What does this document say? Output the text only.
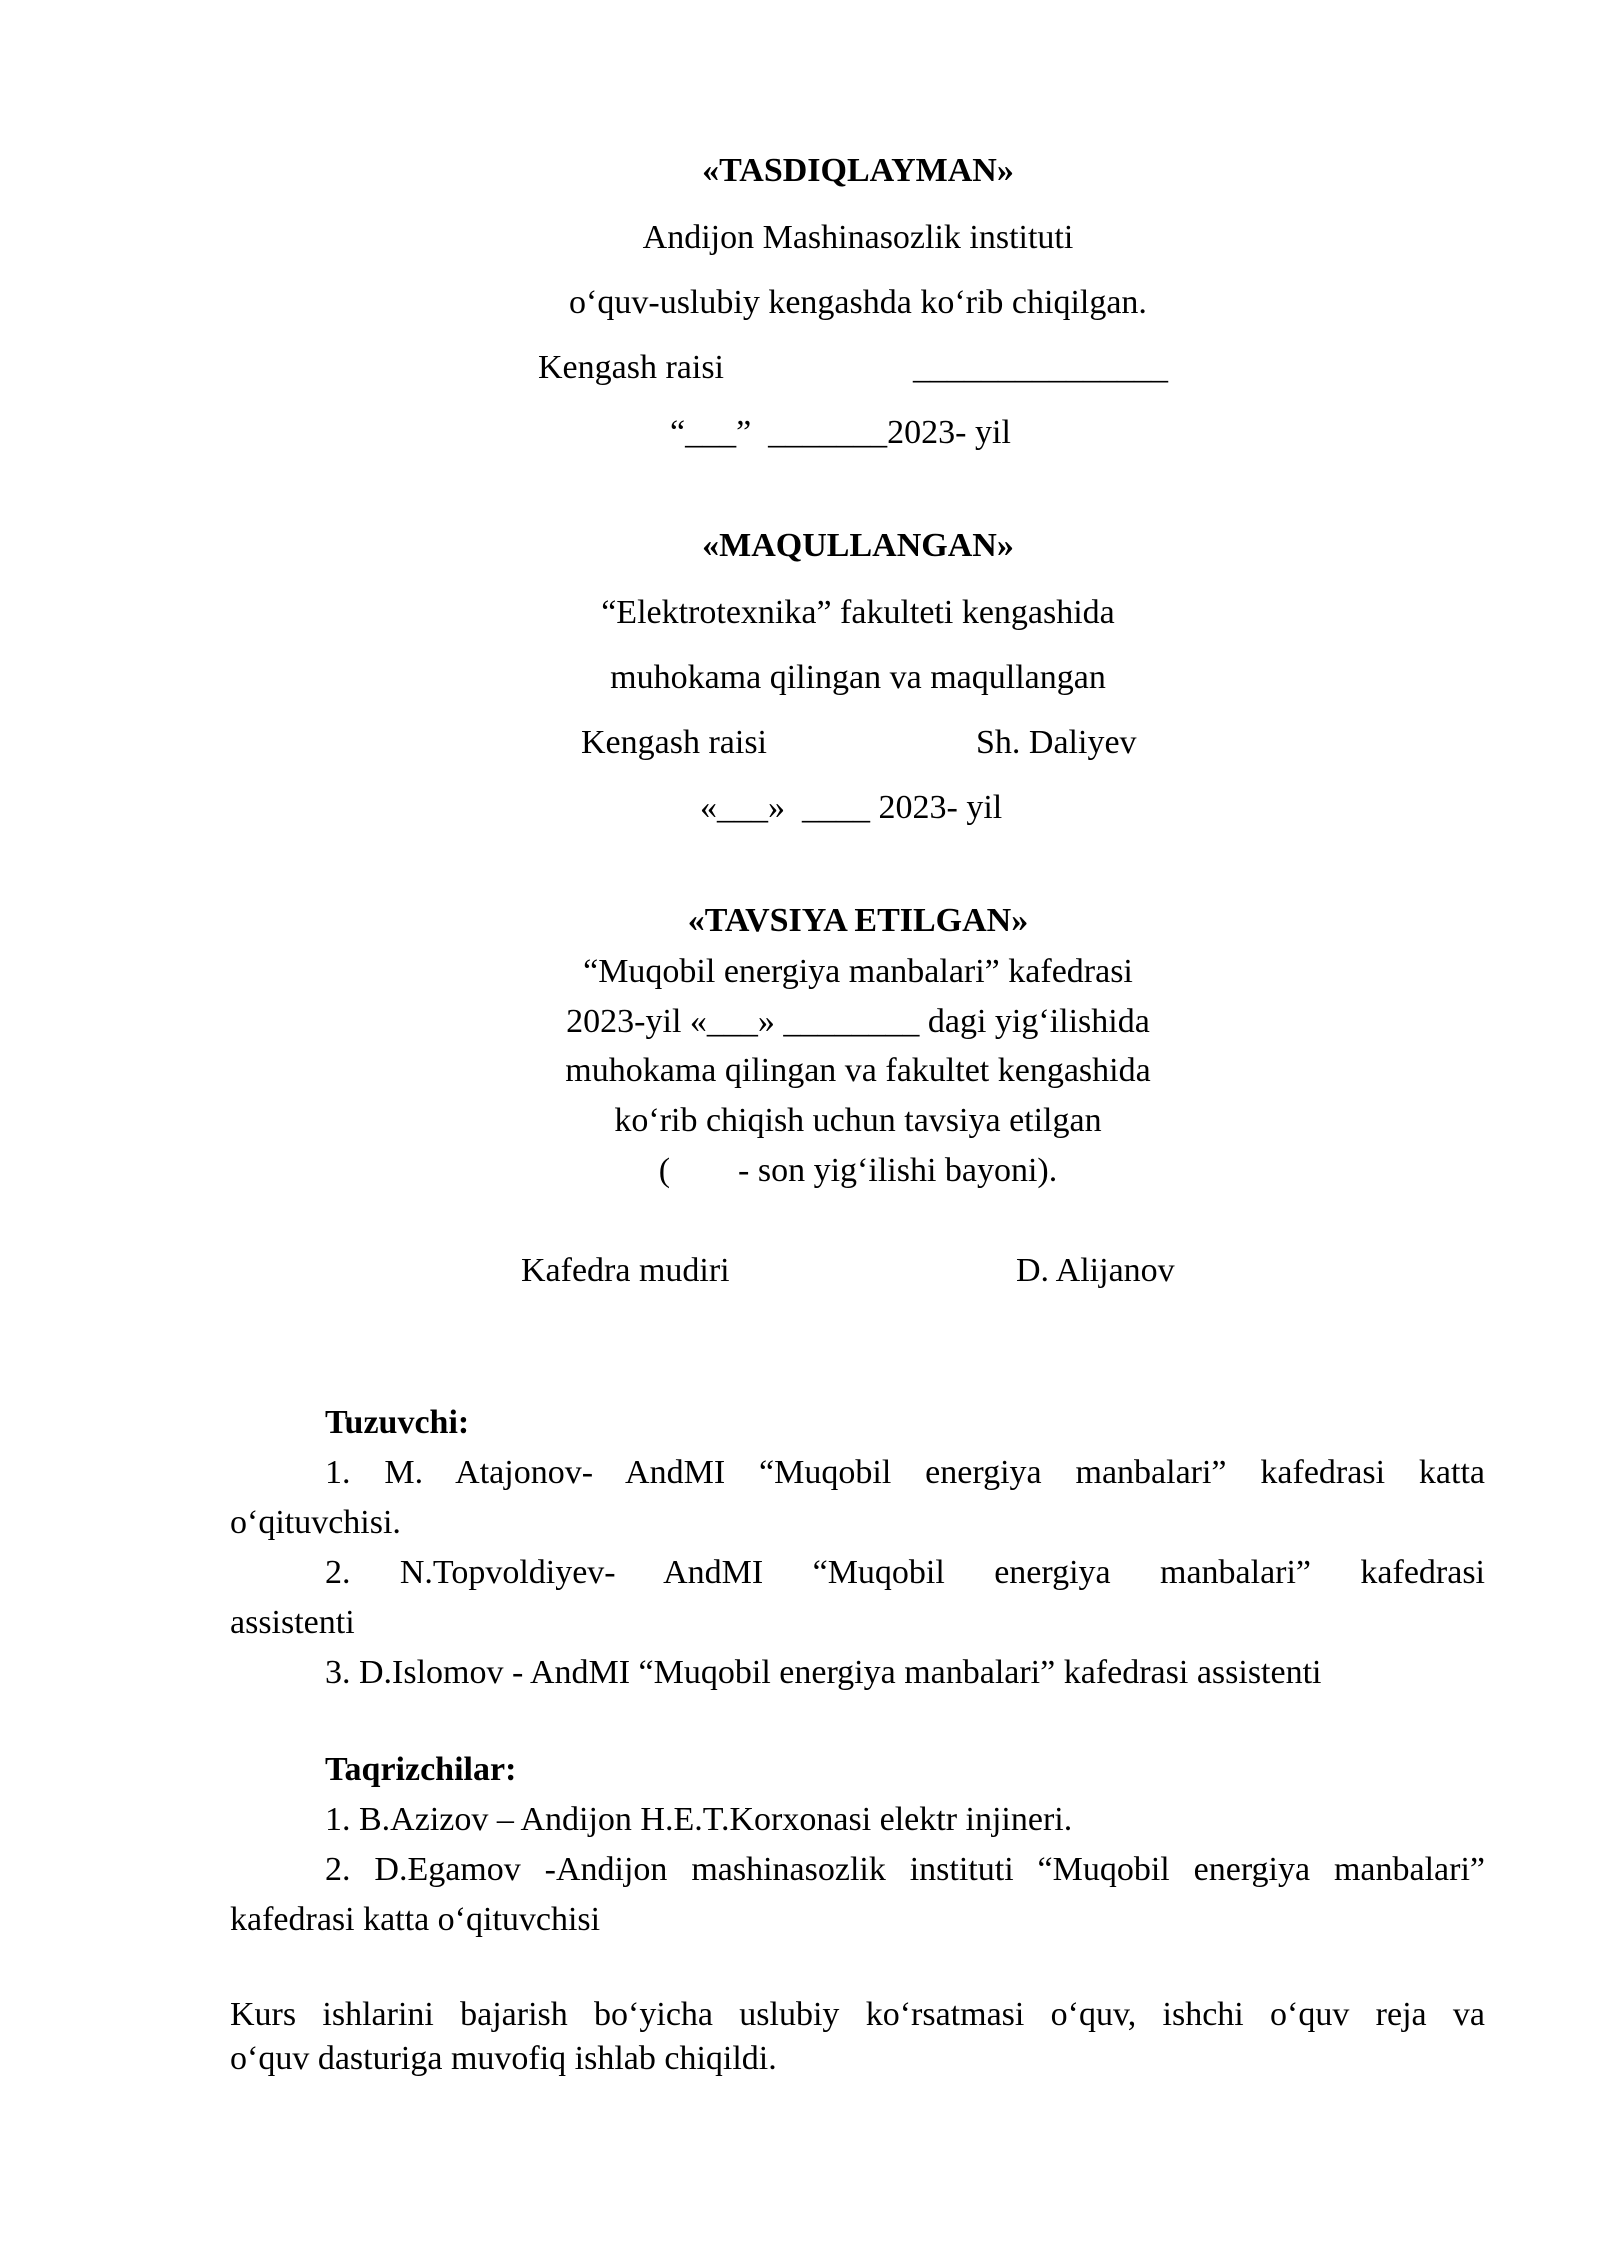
«TASDIQLAYMAN»
Andijon Mashinasozlik instituti
o‘quv-uslubiy kengashda ko‘rib chiqilgan.
Kengash raisi	_______________
“___”  _______2023- yil
«MAQULLANGAN»
“Elektrotexnika” fakulteti kengashida
muhokama qilingan va maqullangan
Kengash raisi	Sh. Daliyev
«___»  ____ 2023- yil
«TAVSIYA ETILGAN»
“Muqobil energiya manbalari” kafedrasi
2023-yil «___» ________ dagi yig‘ilishida
muhokama qilingan va fakultet kengashida
ko‘rib chiqish uchun tavsiya etilgan
(        - son yig‘ilishi bayoni).
Kafedra mudiri	D. Alijanov
Tuzuvchi:
1. M. Atajonov- AndMI “Muqobil energiya manbalari” kafedrasi katta
o‘qituvchisi.
2. N.Topvoldiyev- AndMI “Muqobil energiya manbalari” kafedrasi
assistenti
3. D.Islomov - AndMI “Muqobil energiya manbalari” kafedrasi assistenti
Taqrizchilar:
1. B.Azizov – Andijon H.E.T.Korxonasi elektr injineri.
2. D.Egamov -Andijon mashinasozlik instituti “Muqobil energiya manbalari”
kafedrasi katta o‘qituvchisi
Kurs ishlarini bajarish bo‘yicha uslubiy ko‘rsatmasi o‘quv, ishchi o‘quv reja va
o‘quv dasturiga muvofiq ishlab chiqildi.
